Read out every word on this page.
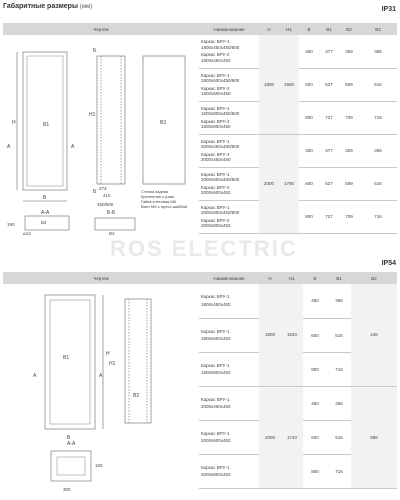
Габаритные размеры (мм)	IP31
ROS ELECTRIC
Чертеж	Наименование	H	H1	B	B1	B2	B3

	Каркас ВРУ-1 1800х450х450/600
Каркас ВРУ-2 1800х450х450	1800	1590	450	377	359	366

	Каркас ВРУ-1 1800х600х450/600
Каркас ВРУ-2 1800х600х450			600	527	509	516

	Каркас ВРУ-1 1800х800х450/600
Каркас ВРУ-2 1800х800х450			800	727	709	716

	Каркас ВРУ-1 2000х450х450/600
Каркас ВРУ-2 2000х450х450	2000	1790	450	377	359	366

	Каркас ВРУ-1 2000х600х450/600
Каркас ВРУ-2 2000х600х450			600	527	509	516

	Каркас ВРУ-1 2000х800х450/600
Каркас ВРУ-2 2000х800х450			800	727	709	716
H	B1
B
А	А
H1
Б
Б
273
410
450/600
B3
Стенка задняя
Крепление к раме
Гайка клетевая М6
Винт М6 с пресс-шайбой
А-А
B2
190
⌀12
Б-Б
B2
IP54
Чертеж	Наименование	H	H1	B	B1	B2

	Каркас ВРУ-1
1800х450х450	1800	1540	450	366	448

	Каркас ВРУ-1
1800х600х450			600	516	

	Каркас ВРУ-1
1800х800х450			800	716	

	Каркас ВРУ-1
2000х450х450	2000	1740	450	366	598

	Каркас ВРУ-1
2000х600х450			600	516	

	Каркас ВРУ-1
2000х800х450			800	716	
H
H1
B1
B
А	А
B2
А-А
150
300
